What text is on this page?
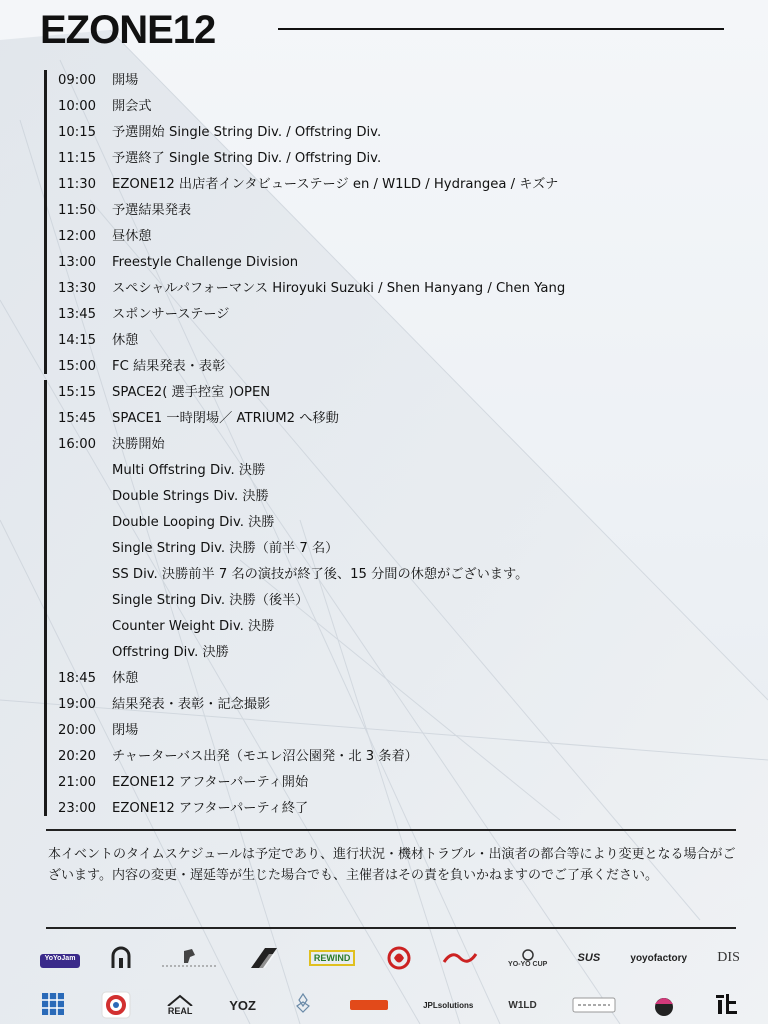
EZONE12
09:00 開場
10:00 開会式
10:15 予選開始 Single String Div. / Offstring Div.
11:15 予選終了 Single String Div. / Offstring Div.
11:30 EZONE12 出店者インタビューステージ en / W1LD / Hydrangea / キズナ
11:50 予選結果発表
12:00 昼休憩
13:00 Freestyle Challenge Division
13:30 スペシャルパフォーマンス Hiroyuki Suzuki / Shen Hanyang / Chen Yang
13:45 スポンサーステージ
14:15 休憩
15:00 FC 結果発表・表彰
15:15 SPACE2( 選手控室 )OPEN
15:45 SPACE1 一時閉場／ ATRIUM2 へ移動
16:00 決勝開始
Multi Offstring Div. 決勝
Double Strings Div. 決勝
Double Looping Div. 決勝
Single String Div. 決勝（前半 7 名）
SS Div. 決勝前半 7 名の演技が終了後、15 分間の休憩がございます。
Single String Div. 決勝（後半）
Counter Weight Div. 決勝
Offstring Div. 決勝
18:45 休憩
19:00 結果発表・表彰・記念撮影
20:00 閉場
20:20 チャーターバス出発（モエレ沼公園発・北 3 条着）
21:00 EZONE12 アフターパーティ開始
23:00 EZONE12 アフターパーティ終了

本イベントのタイムスケジュールは予定であり、進行状況・機材トラブル・出演者の都合等により変更となる場合がございます。内容の変更・遅延等が生じた場合でも、主催者はその責を負いかねますのでご了承ください。

YoYoJam	REWIND
YO-YO CUP	SUS	yoyofactory DIS
REAL	YOZ	JPLsolutions	W1LD
